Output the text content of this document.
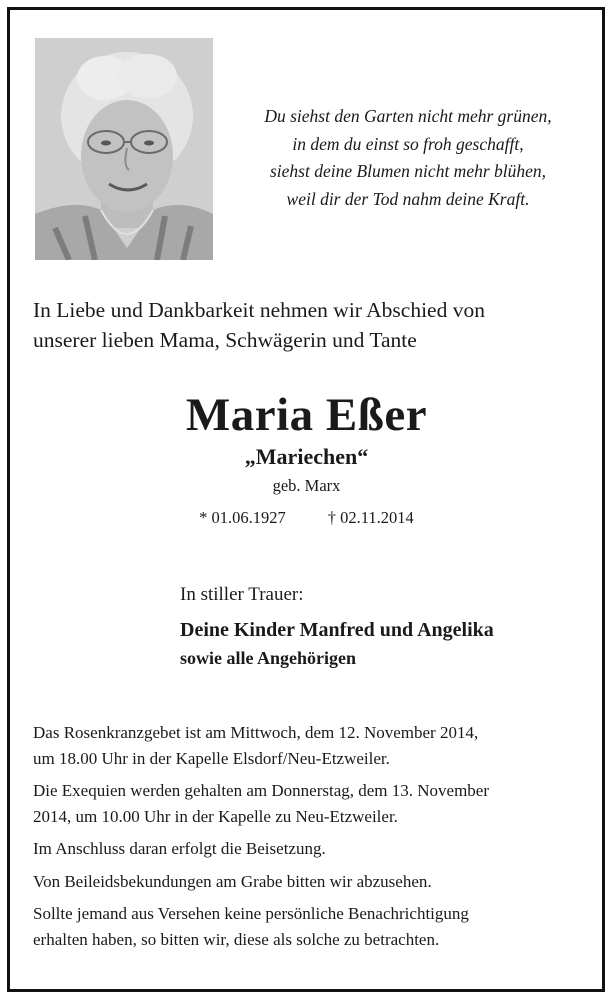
Du siehst den Garten nicht mehr grünen,
in dem du einst so froh geschafft,
siehst deine Blumen nicht mehr blühen,
weil dir der Tod nahm deine Kraft.
In Liebe und Dankbarkeit nehmen wir Abschied von
unserer lieben Mama, Schwägerin und Tante
Maria Eßer
„Mariechen“
geb. Marx
* 01.06.1927	† 02.11.2014
In stiller Trauer:
Deine Kinder Manfred und Angelika
sowie alle Angehörigen

Das Rosenkranzgebet ist am Mittwoch, dem 12. November 2014,
um 18.00 Uhr in der Kapelle Elsdorf/Neu-Etzweiler.

Die Exequien werden gehalten am Donnerstag, dem 13. November
2014, um 10.00 Uhr in der Kapelle zu Neu-Etzweiler.

Im Anschluss daran erfolgt die Beisetzung.

Von Beileidsbekundungen am Grabe bitten wir abzusehen.

Sollte jemand aus Versehen keine persönliche Benachrichtigung
erhalten haben, so bitten wir, diese als solche zu betrachten.
